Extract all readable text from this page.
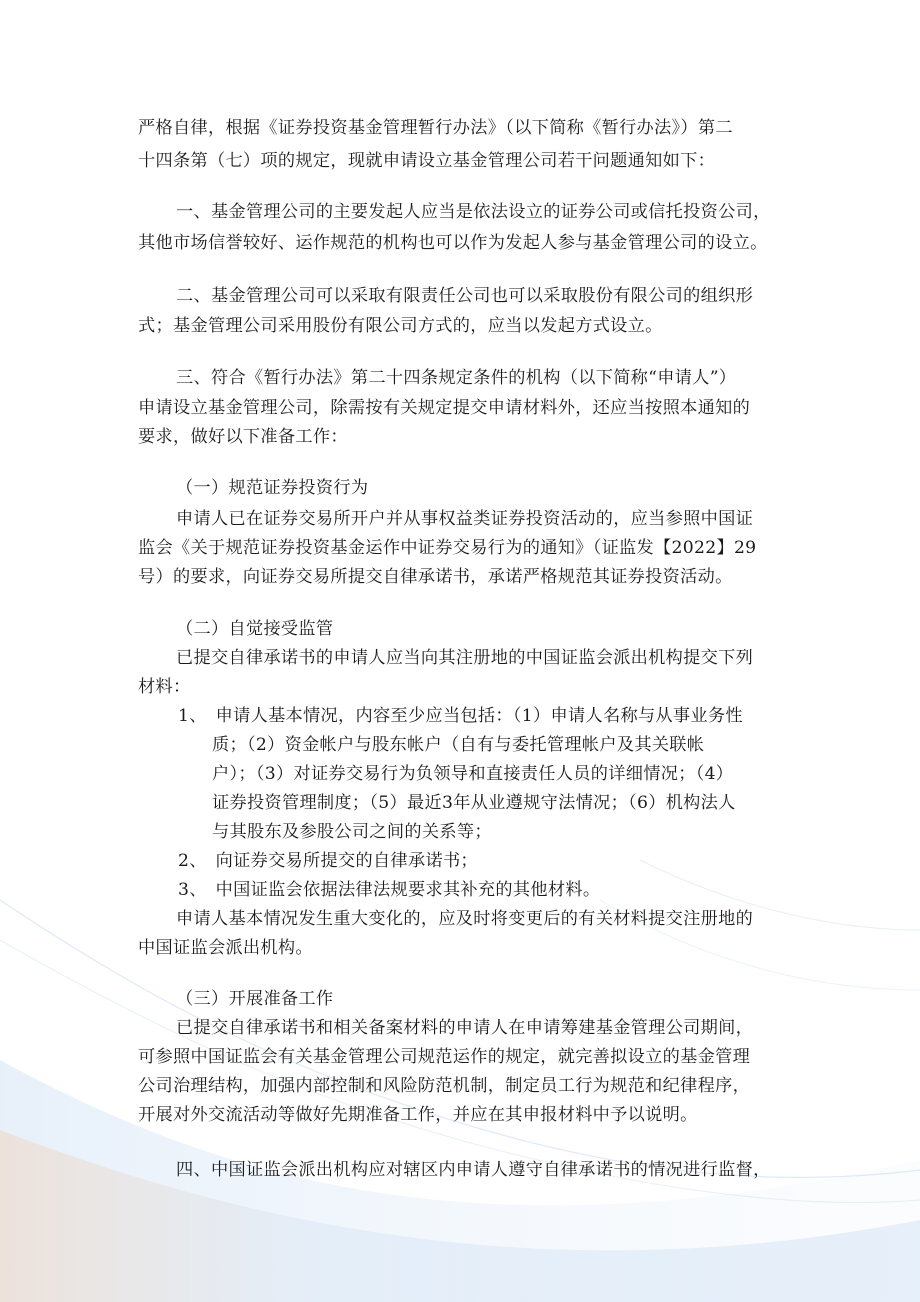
严格自律，根据《证券投资基金管理暂行办法》（以下简称《暂行办法》）第二
十四条第（七）项的规定，现就申请设立基金管理公司若干问题通知如下：
一、基金管理公司的主要发起人应当是依法设立的证券公司或信托投资公司，
其他市场信誉较好、运作规范的机构也可以作为发起人参与基金管理公司的设立。
二、基金管理公司可以采取有限责任公司也可以采取股份有限公司的组织形
式；基金管理公司采用股份有限公司方式的，应当以发起方式设立。
三、符合《暂行办法》第二十四条规定条件的机构（以下简称“申请人”）
申请设立基金管理公司，除需按有关规定提交申请材料外，还应当按照本通知的
要求，做好以下准备工作：
（一）规范证券投资行为
申请人已在证券交易所开户并从事权益类证券投资活动的，应当参照中国证
监会《关于规范证券投资基金运作中证券交易行为的通知》（证监发【2022】29
号）的要求，向证券交易所提交自律承诺书，承诺严格规范其证券投资活动。
（二）自觉接受监管
已提交自律承诺书的申请人应当向其注册地的中国证监会派出机构提交下列
材料：
1、　申请人基本情况，内容至少应当包括：（1）申请人名称与从事业务性
质；（2）资金帐户与股东帐户（自有与委托管理帐户及其关联帐
户）；（3）对证券交易行为负领导和直接责任人员的详细情况；（4）
证券投资管理制度；（5）最近3年从业遵规守法情况；（6）机构法人
与其股东及参股公司之间的关系等；
2、　向证券交易所提交的自律承诺书；
3、　中国证监会依据法律法规要求其补充的其他材料。
申请人基本情况发生重大变化的，应及时将变更后的有关材料提交注册地的
中国证监会派出机构。
（三）开展准备工作
已提交自律承诺书和相关备案材料的申请人在申请筹建基金管理公司期间，
可参照中国证监会有关基金管理公司规范运作的规定，就完善拟设立的基金管理
公司治理结构，加强内部控制和风险防范机制，制定员工行为规范和纪律程序，
开展对外交流活动等做好先期准备工作，并应在其申报材料中予以说明。
四、中国证监会派出机构应对辖区内申请人遵守自律承诺书的情况进行监督，
